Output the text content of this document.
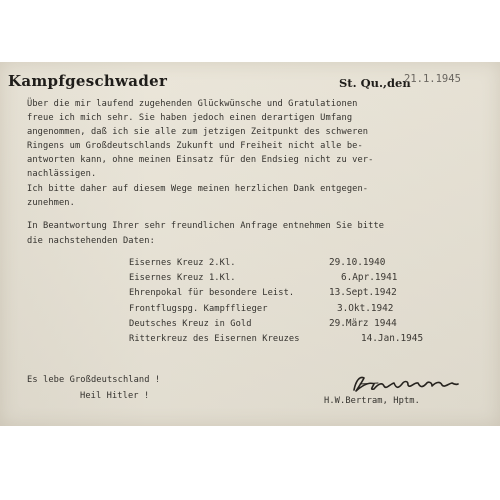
Kampfgeschwader	St. Qu.,den
21.1.1945
Über die mir laufend zugehenden Glückwünsche und Gratulationen
freue ich mich sehr. Sie haben jedoch einen derartigen Umfang
angenommen, daß ich sie alle zum jetzigen Zeitpunkt des schweren
Ringens um Großdeutschlands Zukunft und Freiheit nicht alle be-
antworten kann, ohne meinen Einsatz für den Endsieg nicht zu ver-
nachlässigen.
Ich bitte daher auf diesem Wege meinen herzlichen Dank entgegen-
zunehmen.
In Beantwortung Ihrer sehr freundlichen Anfrage entnehmen Sie bitte
die nachstehenden Daten:
Eisernes Kreuz 2.Kl.	29.10.1940
Eisernes Kreuz 1.Kl.	6.Apr.1941
Ehrenpokal für besondere Leist.	13.Sept.1942
Frontflugspg. Kampfflieger	3.Okt.1942
Deutsches Kreuz in Gold	29.März 1944
Ritterkreuz des Eisernen Kreuzes	14.Jan.1945
Es lebe Großdeutschland !
Heil Hitler !	H.W.Bertram, Hptm.
